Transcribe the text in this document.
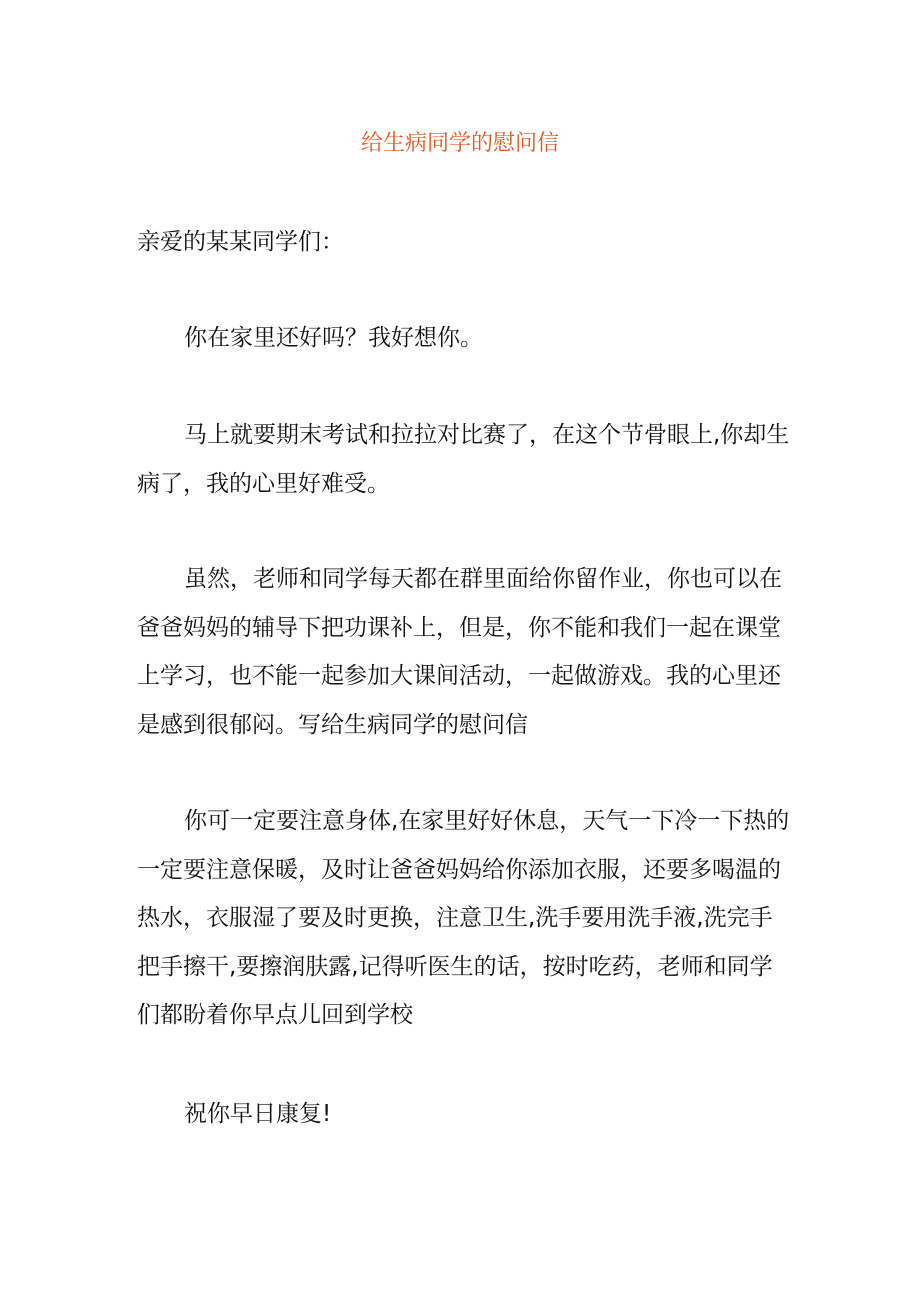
给生病同学的慰问信

亲爱的某某同学们：

你在家里还好吗？我好想你。

马上就要期末考试和拉拉对比赛了，在这个节骨眼上,你却生病了，我的心里好难受。

虽然，老师和同学每天都在群里面给你留作业，你也可以在爸爸妈妈的辅导下把功课补上，但是，你不能和我们一起在课堂上学习，也不能一起参加大课间活动，一起做游戏。我的心里还是感到很郁闷。写给生病同学的慰问信

你可一定要注意身体,在家里好好休息，天气一下冷一下热的一定要注意保暖，及时让爸爸妈妈给你添加衣服，还要多喝温的热水，衣服湿了要及时更换，注意卫生,洗手要用洗手液,洗完手把手擦干,要擦润肤露,记得听医生的话，按时吃药，老师和同学们都盼着你早点儿回到学校

祝你早日康复!
